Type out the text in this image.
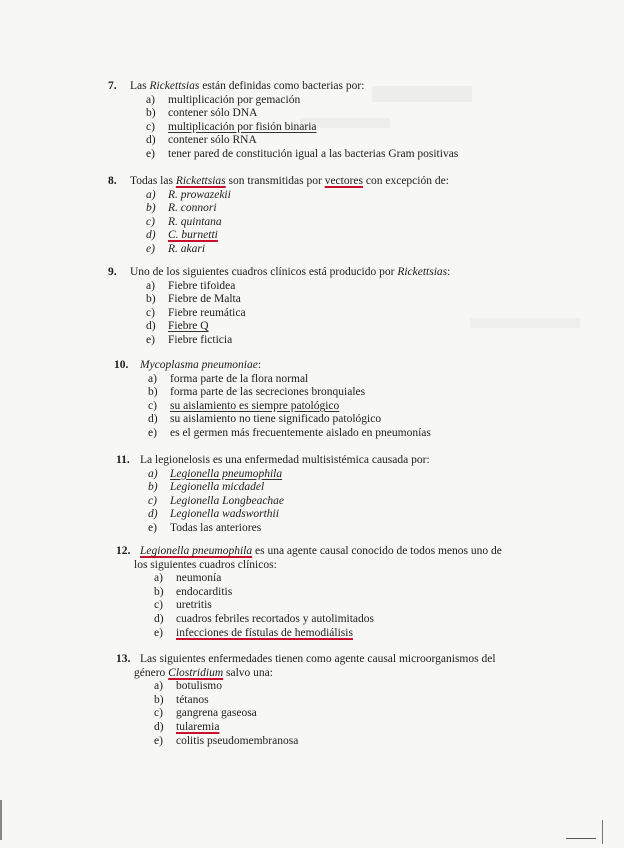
7.	Las Rickettsias están definidas como bacterias por:
a)	multiplicación por gemación
b)	contener sólo DNA
c)	multiplicación por fisión binaria
d)	contener sólo RNA
e)	tener pared de constitución igual a las bacterias Gram positivas
8.	Todas las Rickettsias son transmitidas por vectores con excepción de:
a)	R. prowazekii
b)	R. connori
c)	R. quintana
d)	C. burnetti
e)	R. akari
9.	Uno de los siguientes cuadros clínicos está producido por Rickettsias:
a)	Fiebre tifoidea
b)	Fiebre de Malta
c)	Fiebre reumática
d)	Fiebre Q
e)	Fiebre ficticia
10.	Mycoplasma pneumoniae:
a)	forma parte de la flora normal
b)	forma parte de las secreciones bronquiales
c)	su aislamiento es siempre patológico
d)	su aislamiento no tiene significado patológico
e)	es el germen más frecuentemente aislado en pneumonías
11. La legionelosis es una enfermedad multisistémica causada por:
a)	Legionella pneumophila
b)	Legionella micdadel
c)	Legionella Longbeachae
d)	Legionella wadsworthii
e)	Todas las anteriores
12. Legionella pneumophila es una agente causal conocido de todos menos uno de
los siguientes cuadros clínicos:
a)	neumonía
b)	endocarditis
c)	uretritis
d)	cuadros febriles recortados y autolimitados
e)	infecciones de fístulas de hemodiálisis
13. Las siguientes enfermedades tienen como agente causal microorganismos del
género Clostridium salvo una:
a)	botulismo
b)	tétanos
c)	gangrena gaseosa
d)	tularemia
e)	colitis pseudomembranosa
